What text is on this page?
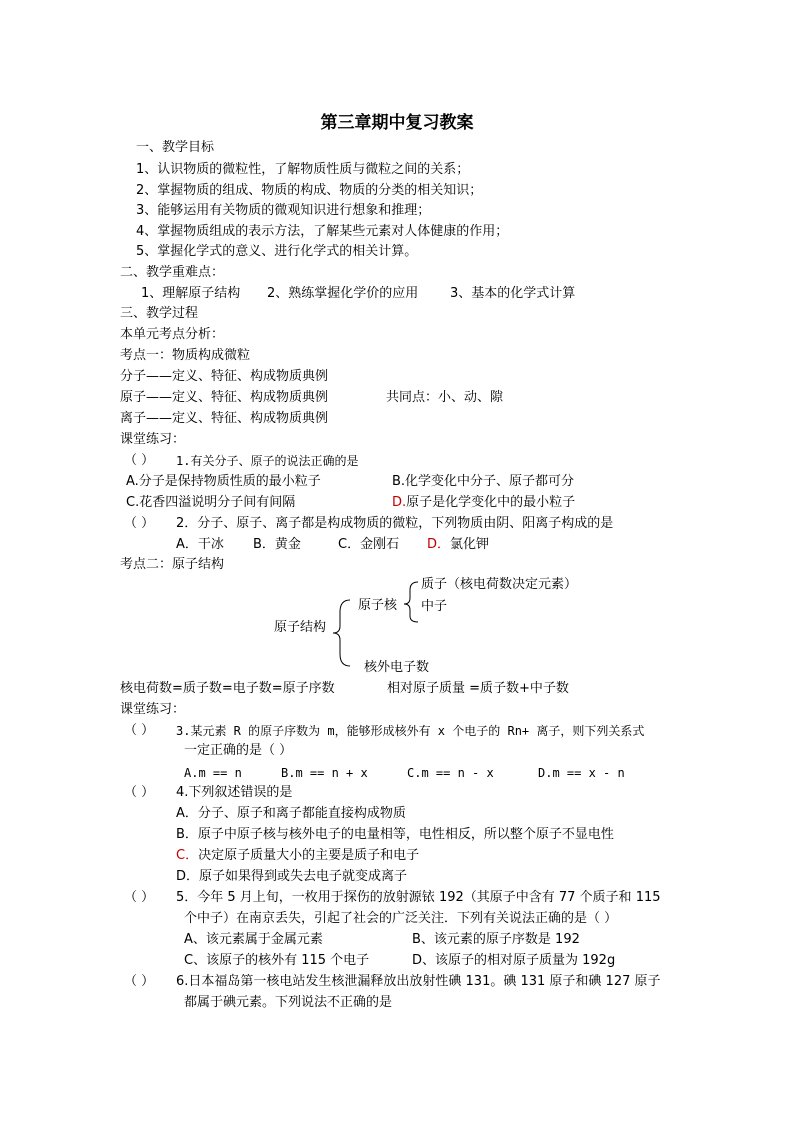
第三章期中复习教案
一、教学目标
1、认识物质的微粒性，了解物质性质与微粒之间的关系；
2、掌握物质的组成、物质的构成、物质的分类的相关知识；
3、能够运用有关物质的微观知识进行想象和推理；
4、掌握物质组成的表示方法，了解某些元素对人体健康的作用；
5、掌握化学式的意义、进行化学式的相关计算。
二、教学重难点：
1、理解原子结构 2、熟练掌握化学价的应用 3、基本的化学式计算
三、教学过程
本单元考点分析：
考点一：物质构成微粒
分子——定义、特征、构成物质典例
原子——定义、特征、构成物质典例	共同点：小、动、隙
离子——定义、特征、构成物质典例
课堂练习：
（ ） 1.有关分子、原子的说法正确的是
A.分子是保持物质性质的最小粒子	B.化学变化中分子、原子都可分
C.花香四溢说明分子间有间隔	D.原子是化学变化中的最小粒子
（ ） 2．分子、原子、离子都是构成物质的微粒，下列物质由阴、阳离子构成的是
A．干冰 B．黄金	C．金刚石 D．氯化钾
考点二：原子结构
原子结构
原子核
质子（核电荷数决定元素）
中子
核外电子数
核电荷数=质子数=电子数=原子序数	相对原子质量 =质子数+中子数
课堂练习：
（ ） 3.某元素 R 的原子序数为 m，能够形成核外有 x 个电子的 Rn+ 离子，则下列关系式
一定正确的是（ ）
A.m == n	B.m == n + x	C.m == n - x	D.m == x - n
（ ） 4.下列叙述错误的是
A．分子、原子和离子都能直接构成物质
B．原子中原子核与核外电子的电量相等，电性相反，所以整个原子不显电性
C．决定原子质量大小的主要是质子和电子
D．原子如果得到或失去电子就变成离子
（ ） 5．今年 5 月上旬，一枚用于探伤的放射源铱 192（其原子中含有 77 个质子和 115
个中子）在南京丢失，引起了社会的广泛关注．下列有关说法正确的是（ ）
A、该元素属于金属元素	B、该元素的原子序数是 192
C、该原子的核外有 115 个电子	D、该原子的相对原子质量为 192g
（ ） 6.日本福岛第一核电站发生核泄漏释放出放射性碘 131。碘 131 原子和碘 127 原子
都属于碘元素。下列说法不正确的是
